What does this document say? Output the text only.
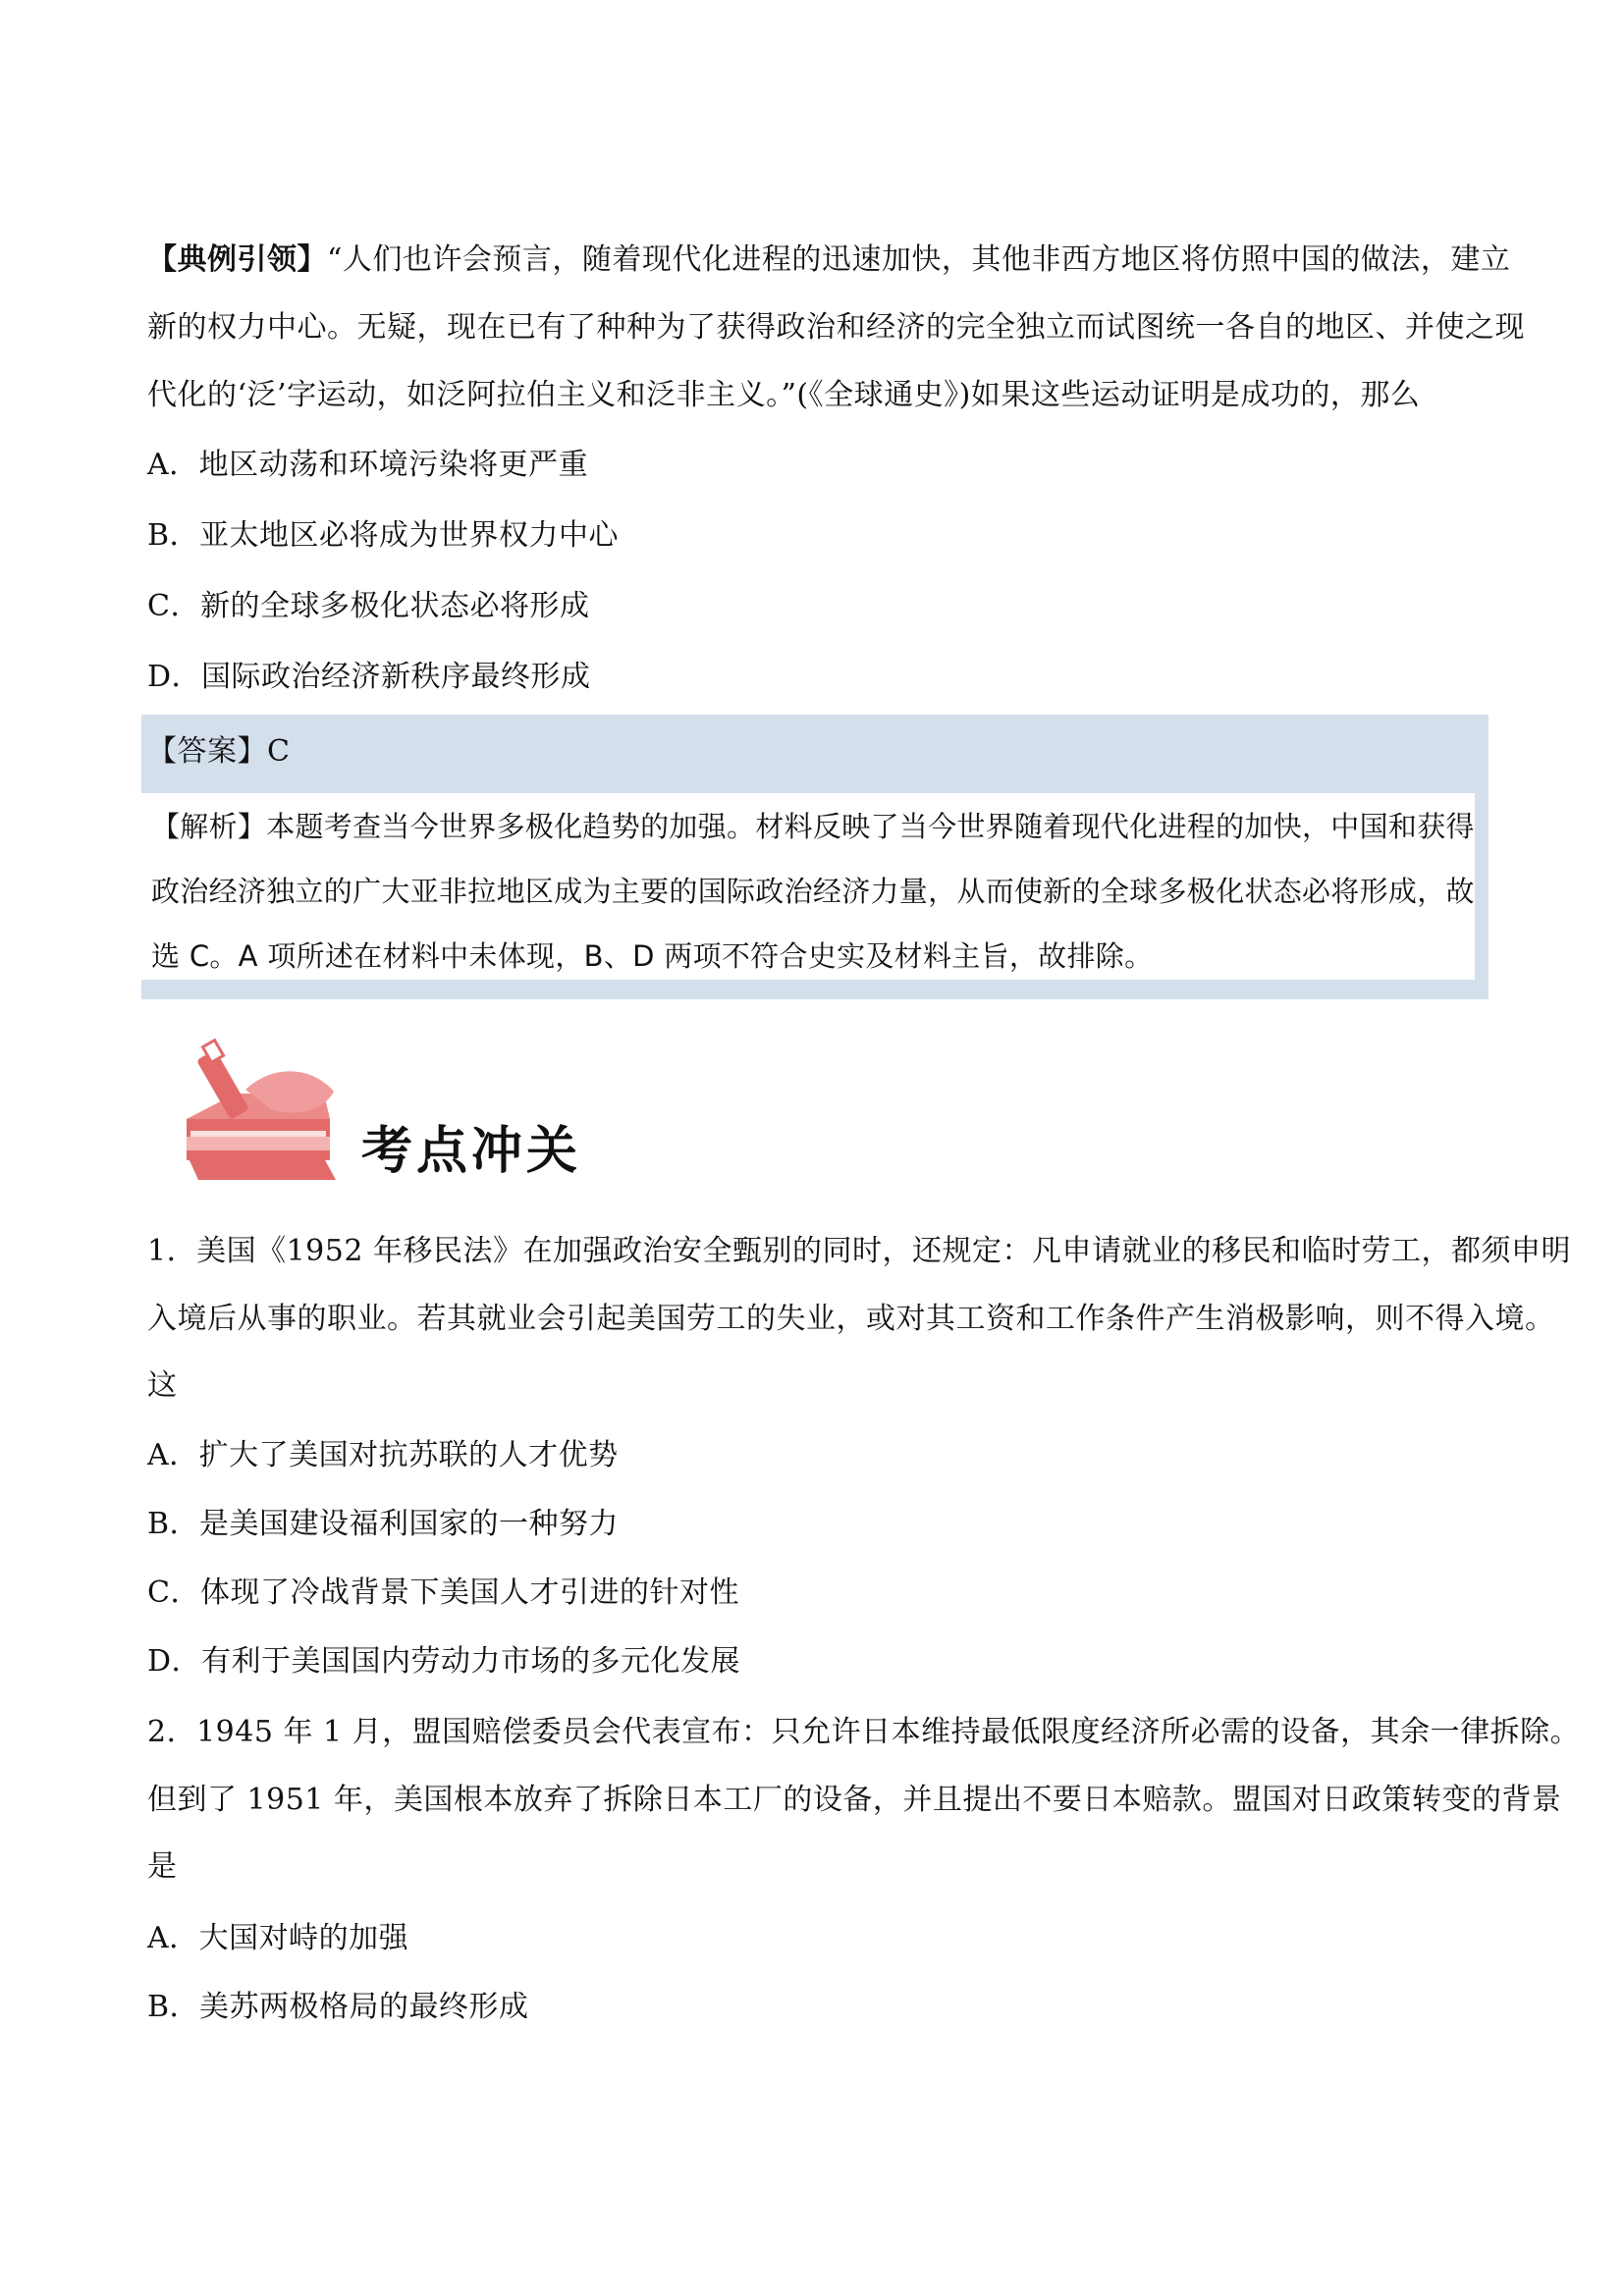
【典例引领】“人们也许会预言，随着现代化进程的迅速加快，其他非西方地区将仿照中国的做法，建立
新的权力中心。无疑，现在已有了种种为了获得政治和经济的完全独立而试图统一各自的地区、并使之现
代化的‘泛’字运动，如泛阿拉伯主义和泛非主义。”(《全球通史》)如果这些运动证明是成功的，那么
A．地区动荡和环境污染将更严重
B．亚太地区必将成为世界权力中心
C．新的全球多极化状态必将形成
D．国际政治经济新秩序最终形成
【答案】C
【解析】本题考查当今世界多极化趋势的加强。材料反映了当今世界随着现代化进程的加快，中国和获得
政治经济独立的广大亚非拉地区成为主要的国际政治经济力量，从而使新的全球多极化状态必将形成，故
选 C。A 项所述在材料中未体现，B、D 两项不符合史实及材料主旨，故排除。
考点冲关
1．美国《1952 年移民法》在加强政治安全甄别的同时，还规定：凡申请就业的移民和临时劳工，都须申明
入境后从事的职业。若其就业会引起美国劳工的失业，或对其工资和工作条件产生消极影响，则不得入境。
这
A．扩大了美国对抗苏联的人才优势
B．是美国建设福利国家的一种努力
C．体现了冷战背景下美国人才引进的针对性
D．有利于美国国内劳动力市场的多元化发展
2．1945 年 1 月，盟国赔偿委员会代表宣布：只允许日本维持最低限度经济所必需的设备，其余一律拆除。
但到了 1951 年，美国根本放弃了拆除日本工厂的设备，并且提出不要日本赔款。盟国对日政策转变的背景
是
A．大国对峙的加强
B．美苏两极格局的最终形成
